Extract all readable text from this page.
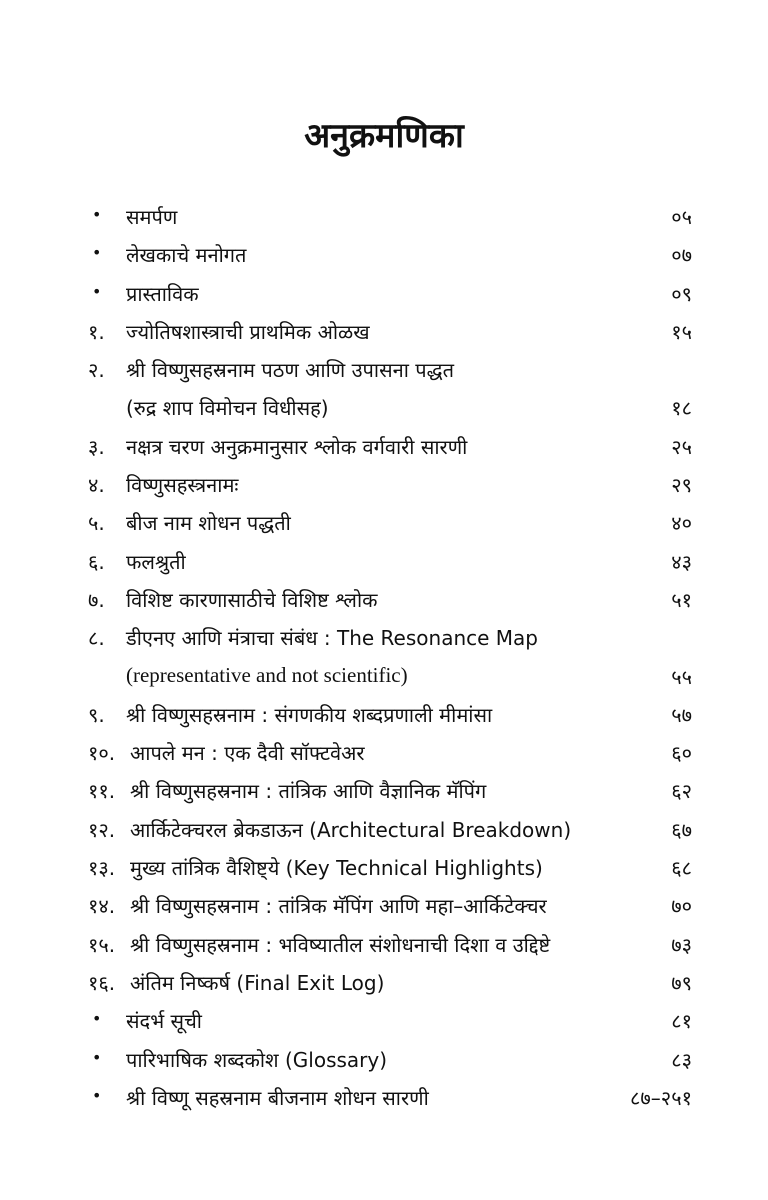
अनुक्रमणिका
•	समर्पण	०५
•	लेखकाचे मनोगत	०७
•	प्रास्ताविक	०९
१.	ज्योतिषशास्त्राची प्राथमिक ओळख	१५
२.	श्री विष्णुसहस्रनाम पठण आणि उपासना पद्धत
(रुद्र शाप विमोचन विधीसह)	१८
३.	नक्षत्र चरण अनुक्रमानुसार श्लोक वर्गवारी सारणी	२५
४.	विष्णुसहस्त्रनामः	२९
५.	बीज नाम शोधन पद्धती	४०
६.	फलश्रुती	४३
७.	विशिष्ट कारणासाठीचे विशिष्ट श्लोक	५१
८.	डीएनए आणि मंत्राचा संबंध : The Resonance Map
(representative and not scientific)	५५
९.	श्री विष्णुसहस्रनाम : संगणकीय शब्दप्रणाली मीमांसा	५७
१०. आपले मन : एक दैवी सॉफ्टवेअर	६०
११. श्री विष्णुसहस्रनाम : तांत्रिक आणि वैज्ञानिक मॅपिंग	६२
१२. आर्किटेक्चरल ब्रेकडाऊन (Architectural Breakdown)	६७
१३. मुख्य तांत्रिक वैशिष्ट्ये (Key Technical Highlights)	६८
१४. श्री विष्णुसहस्रनाम : तांत्रिक मॅपिंग आणि महा–आर्किटेक्चर	७०
१५. श्री विष्णुसहस्रनाम : भविष्यातील संशोधनाची दिशा व उद्दिष्टे	७३
१६. अंतिम निष्कर्ष (Final Exit Log)	७९
•	संदर्भ सूची	८१
•	पारिभाषिक शब्दकोश (Glossary)	८३
•	श्री विष्णू सहस्रनाम बीजनाम शोधन सारणी	८७–२५१
